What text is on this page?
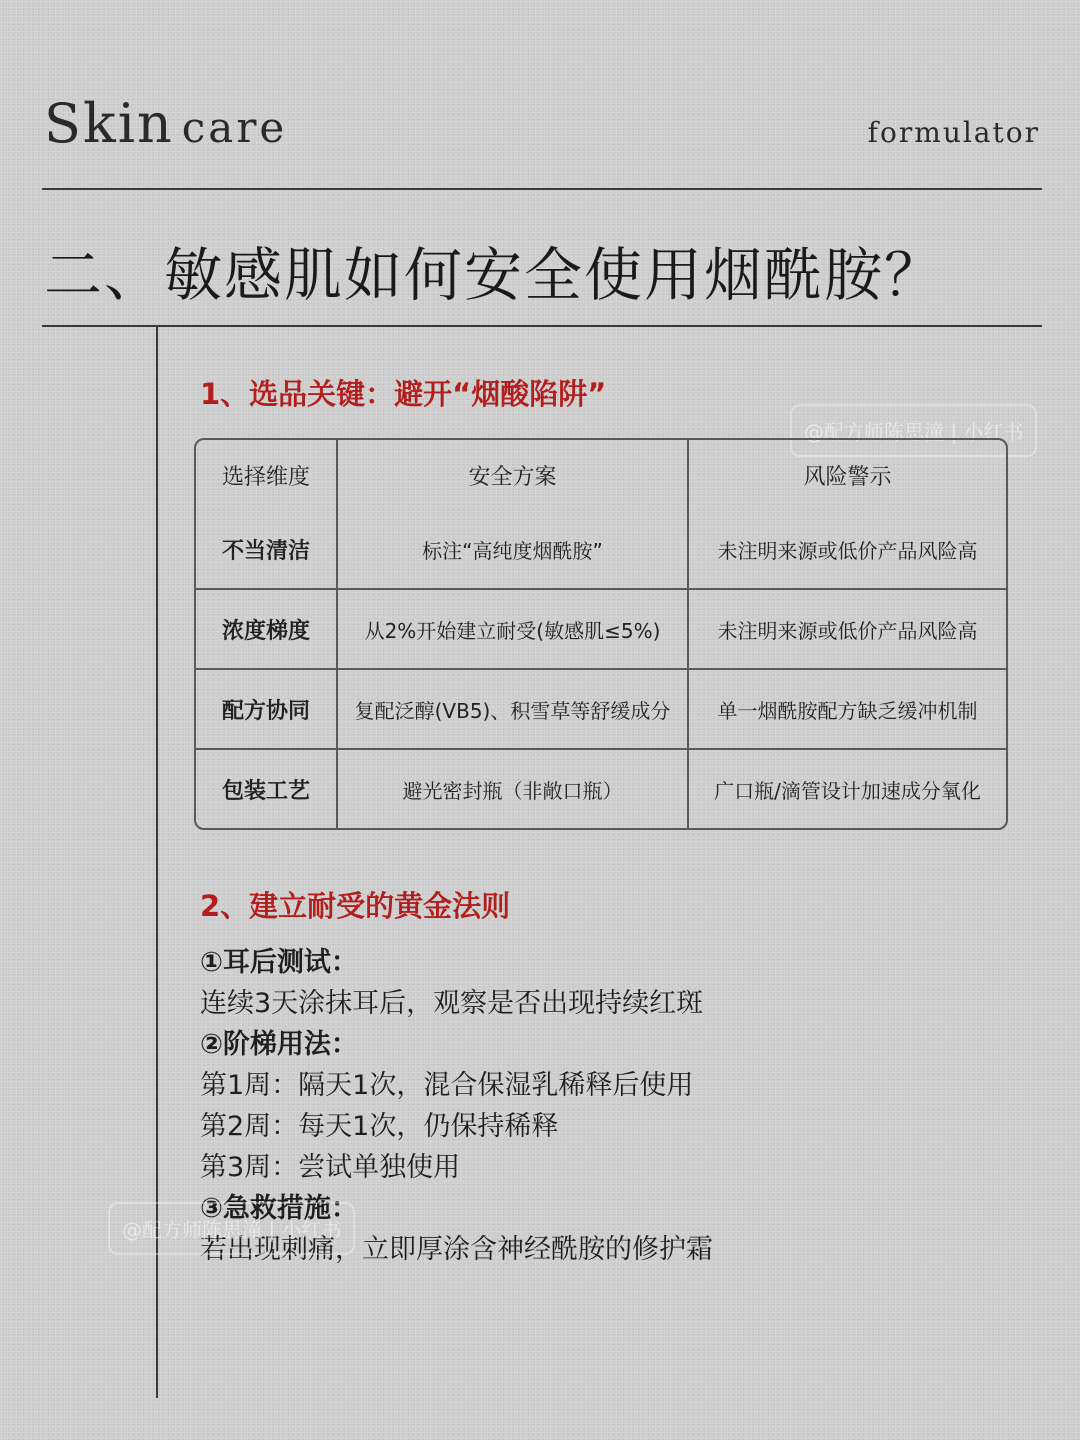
Skin care	formulator
二、敏感肌如何安全使用烟酰胺？
1、选品关键：避开“烟酸陷阱”
@配方师陈思潼 | 小红书
选择维度	安全方案	风险警示
不当清洁	标注“高纯度烟酰胺”	未注明来源或低价产品风险高
浓度梯度	从2%开始建立耐受(敏感肌≤5%)	未注明来源或低价产品风险高
配方协同	复配泛醇(VB5)、积雪草等舒缓成分	单一烟酰胺配方缺乏缓冲机制
包装工艺	避光密封瓶（非敞口瓶）	广口瓶/滴管设计加速成分氧化
2、建立耐受的黄金法则
①耳后测试：
连续3天涂抹耳后，观察是否出现持续红斑
②阶梯用法：
第1周：隔天1次，混合保湿乳稀释后使用
第2周：每天1次，仍保持稀释
第3周：尝试单独使用
③急救措施：
若出现刺痛，立即厚涂含神经酰胺的修护霜
@配方师陈思潼 | 小红书
